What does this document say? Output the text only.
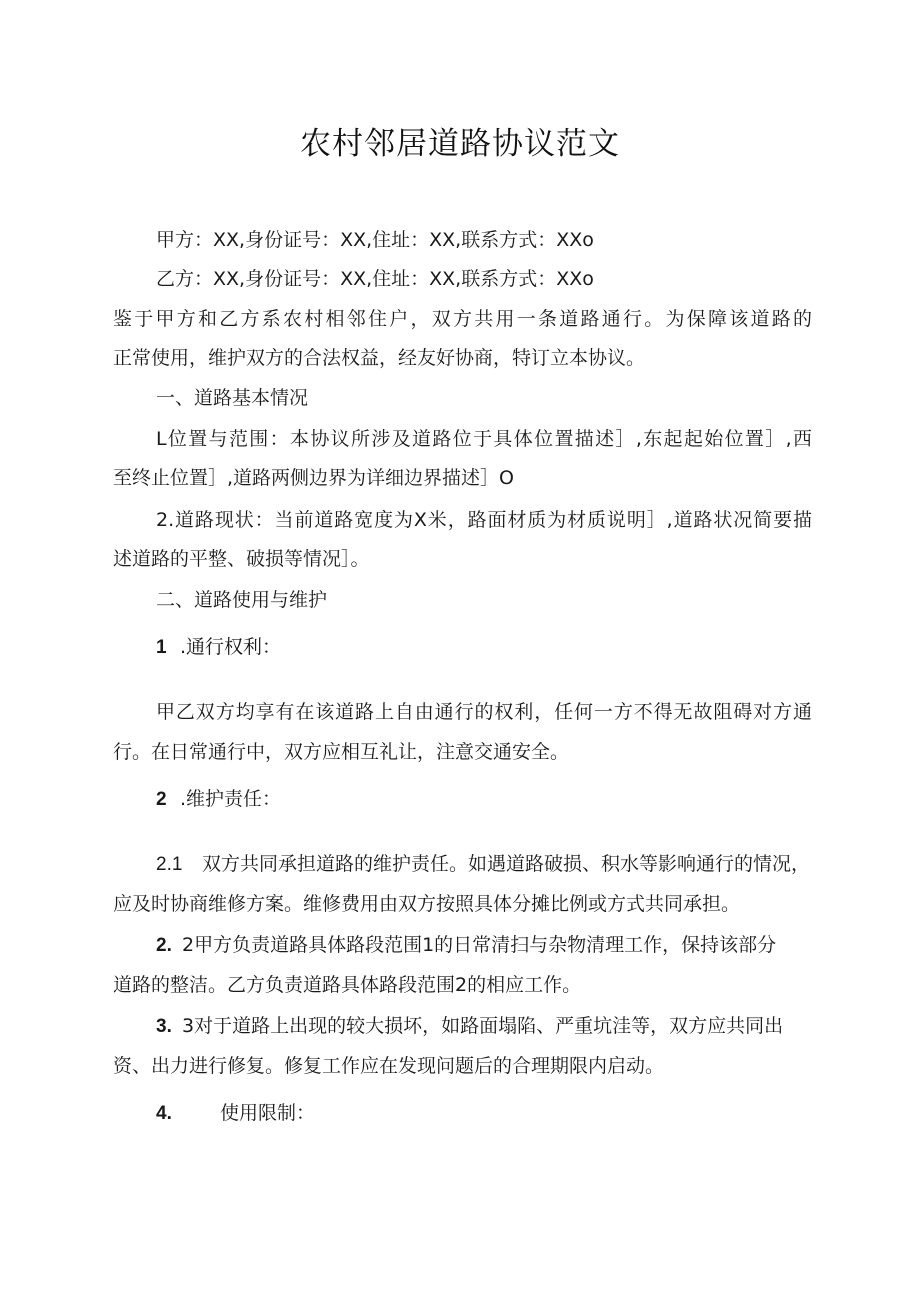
农村邻居道路协议范文
甲方：XX,身份证号：XX,住址：XX,联系方式：XXo
乙方：XX,身份证号：XX,住址：XX,联系方式：XXo
鉴于甲方和乙方系农村相邻住户，双方共用一条道路通行。为保障该道路的
正常使用，维护双方的合法权益，经友好协商，特订立本协议。
一、道路基本情况
L位置与范围：本协议所涉及道路位于具体位置描述］,东起起始位置］,西
至终止位置］,道路两侧边界为详细边界描述］O
2.道路现状：当前道路宽度为X米，路面材质为材质说明］,道路状况简要描
述道路的平整、破损等情况］。
二、道路使用与维护
1 .通行权利：
甲乙双方均享有在该道路上自由通行的权利，任何一方不得无故阻碍对方通
行。在日常通行中，双方应相互礼让，注意交通安全。
2 .维护责任：
2.1 双方共同承担道路的维护责任。如遇道路破损、积水等影响通行的情况，
应及时协商维修方案。维修费用由双方按照具体分摊比例或方式共同承担。
2. 2甲方负责道路具体路段范围1的日常清扫与杂物清理工作，保持该部分
道路的整洁。乙方负责道路具体路段范围2的相应工作。
3. 3对于道路上出现的较大损坏，如路面塌陷、严重坑洼等，双方应共同出
资、出力进行修复。修复工作应在发现问题后的合理期限内启动。
4.	使用限制：
